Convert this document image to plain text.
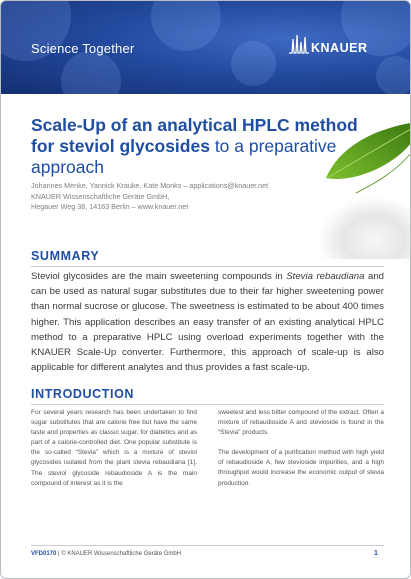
Science Together	KNAUER
Scale-Up of an analytical HPLC method for steviol glycosides to a preparative approach
Johannes Menke, Yannick Krauke, Kate Monks – applications@knauer.net
KNAUER Wissenschaftliche Geräte GmbH,
Hegauer Weg 38, 14163 Berlin – www.knauer.net
SUMMARY
Steviol glycosides are the main sweetening compounds in Stevia rebaudiana and can be used as natural sugar substitutes due to their far higher sweetening power than normal sucrose or glucose. The sweetness is estimated to be about 400 times higher. This application describes an easy transfer of an existing analytical HPLC method to a preparative HPLC using overload experiments together with the KNAUER Scale-Up converter. Furthermore, this approach of scale-up is also applicable for different analytes and thus provides a fast scale-up.
INTRODUCTION

For several years research has been undertaken to find sugar substitutes that are calorie free but have the same taste and properties as classic sugar, for diabetics and as part of a calorie-controlled diet. One popular substitute is the so-called “Stevia” which is a mixture of steviol glycosides isolated from the plant stevia rebaudiana [1]. The steviol glycoside rebaudioside A is the main compound of interest as it is the

sweetest and less bitter compound of the extract. Often a mixture of rebaudioside A and stevioside is found in the “Stevia” products.

The development of a purification method with high yield of rebaudioside A, few stevioside impurities, and a high throughput would increase the economic output of stevia production.

VFD0170 | © KNAUER Wissenschaftliche Geräte GmbH	1
